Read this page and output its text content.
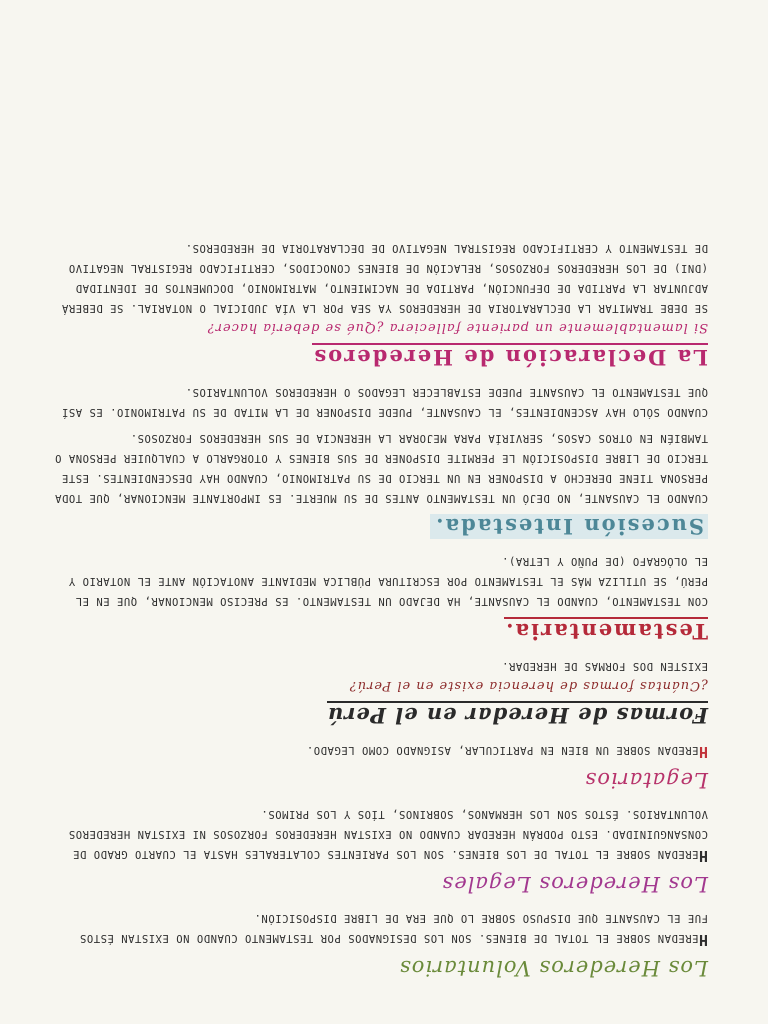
Los Herederos Voluntarios

HEREDAN SOBRE EL TOTAL DE BIENES. SON LOS DESIGNADOS POR TESTAMENTO CUANDO NO EXISTAN ÉSTOS FUE EL CAUSANTE QUE DISPUSO SOBRE LO QUE ERA DE LIBRE DISPOSICIÓN.

Los Herederos Legales

HEREDAN SOBRE EL TOTAL DE LOS BIENES. SON LOS PARIENTES COLATERALES HASTA EL CUARTO GRADO DE CONSANGUINIDAD. ESTO PODRÁN HEREDAR CUANDO NO EXISTAN HEREDEROS FORZOSOS NI EXISTAN HEREDEROS VOLUNTARIOS. ÉSTOS SON LOS HERMANOS, SOBRINOS, TÍOS Y LOS PRIMOS.

Legatarios

HEREDAN SOBRE UN BIEN EN PARTICULAR, ASIGNADO COMO LEGADO.

Formas de Heredar en el Perú
¿Cuántas formas de herencia existe en el Perú?

EXISTEN DOS FORMAS DE HEREDAR.

Testamentaria.

CON TESTAMENTO, CUANDO EL CAUSANTE, HA DEJADO UN TESTAMENTO. ES PRECISO MENCIONAR, QUE EN EL PERÚ, SE UTILIZA MÁS EL TESTAMENTO POR ESCRITURA PÚBLICA MEDIANTE ANOTACIÓN ANTE EL NOTARIO Y EL OLÓGRAFO (DE PUÑO Y LETRA).

Sucesión Intestada.

CUANDO EL CAUSANTE, NO DEJÓ UN TESTAMENTO ANTES DE SU MUERTE. ES IMPORTANTE MENCIONAR, QUE TODA PERSONA TIENE DERECHO A DISPONER EN UN TERCIO DE SU PATRIMONIO, CUANDO HAY DESCENDIENTES. ESTE TERCIO DE LIBRE DISPOSICIÓN LE PERMITE DISPONER DE SUS BIENES Y OTORGARLO A CUALQUIER PERSONA O TAMBIÉN EN OTROS CASOS, SERVIRÍA PARA MEJORAR LA HERENCIA DE SUS HEREDEROS FORZOSOS.

CUANDO SÓLO HAY ASCENDIENTES, EL CAUSANTE, PUEDE DISPONER DE LA MITAD DE SU PATRIMONIO. ES ASÍ QUE TESTAMENTO EL CAUSANTE PUEDE ESTABLECER LEGADOS O HEREDEROS VOLUNTARIOS.

La Declaración de Herederos
Si lamentablemente un pariente falleciera ¿Qué se debería hacer?

SE DEBE TRAMITAR LA DECLARATORIA DE HEREDEROS YA SEA POR LA VÍA JUDICIAL O NOTARIAL. SE DEBERÁ ADJUNTAR LA PARTIDA DE DEFUNCIÓN, PARTIDA DE NACIMIENTO, MATRIMONIO, DOCUMENTOS DE IDENTIDAD (DNI) DE LOS HEREDEROS FORZOSOS, RELACIÓN DE BIENES CONOCIDOS, CERTIFICADO REGISTRAL NEGATIVO DE TESTAMENTO Y CERTIFICADO REGISTRAL NEGATIVO DE DECLARATORIA DE HEREDEROS.
